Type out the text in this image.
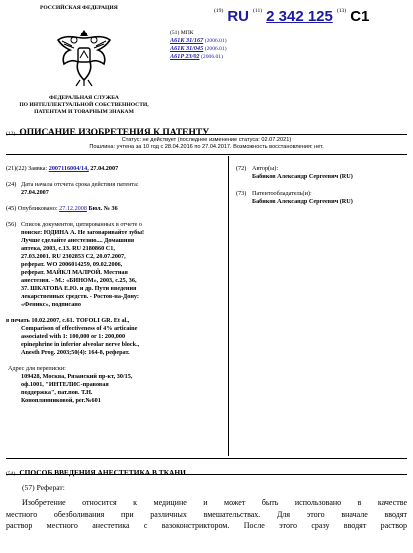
РОССИЙСКАЯ ФЕДЕРАЦИЯ
ФЕДЕРАЛЬНАЯ СЛУЖБА
ПО ИНТЕЛЛЕКТУАЛЬНОЙ СОБСТВЕННОСТИ,
ПАТЕНТАМ И ТОВАРНЫМ ЗНАКАМ
$^{(19)}$ RU $^{(11)}$ 2 342 125 $^{(13)}$ C1
(51) МПК
A61K 31/167 (2006.01)
A61K 31/045 (2006.01)
A61P 23/02 (2006.01)
(12) ОПИСАНИЕ ИЗОБРЕТЕНИЯ К ПАТЕНТУ
Статус: не действует (последнее изменение статуса: 02.07.2021)
Пошлина: учтена за 10 год с 28.04.2016 по 27.04.2017. Возможность восстановления: нет.
(21)(22) Заявка: 2007116004/14, 27.04.2007
(24) Дата начала отсчета срока действия патента:
27.04.2007
(45) Опубликовано: 27.12.2008 Бюл. № 36
(56) Список документов, цитированных в отчете о
поиске: ЮДИНА А. Не заговаривайте зубы!
Лучше сделайте анестезию.... Домашняя
аптека, 2003, с.13. RU 2180860 C1,
27.03.2001. RU 2302853 C2, 20.07.2007,
реферат. WO 2006014259, 09.02.2006,
реферат. МАЙКЛ МАЛРОЙ. Местная
анестезия. - М.: «БИНОМ», 2003, с.25, 36,
37. ШКАТОВА Е.Ю. и др. Пути введения
лекарственных средств. - Ростов-на-Дону:
«Феникс», подписано
в печать 10.02.2007, с.61. TOFOLI GR. Et al.,
Comparison of effectiveness of 4% articaine
associated with 1: 100,000 or 1: 200,000
epinephrine in inferior alveolar nerve block.,
Anesth Prog. 2003;50(4): 164-8, реферат.
Адрес для переписки:
109428, Москва, Рязанский пр-кт, 30/15,
оф.1001, "ИНТЕЛИС-правовая
поддержка", пат.пов. Т.Н.
Коноплянниковой, рег.№601
(72) Автор(ы):
Бабиков Александр Сергеевич (RU)
(73) Патентообладатель(и):
Бабиков Александр Сергеевич (RU)
(54) СПОСОБ ВВЕДЕНИЯ АНЕСТЕТИКА В ТКАНИ
(57) Реферат:
Изобретение относится к медицине и может быть использовано в качестве
местного обезболивания при различных вмешательствах. Для этого вначале вводят
раствор местного анестетика с вазоконстриктором. После этого сразу вводят раствор
